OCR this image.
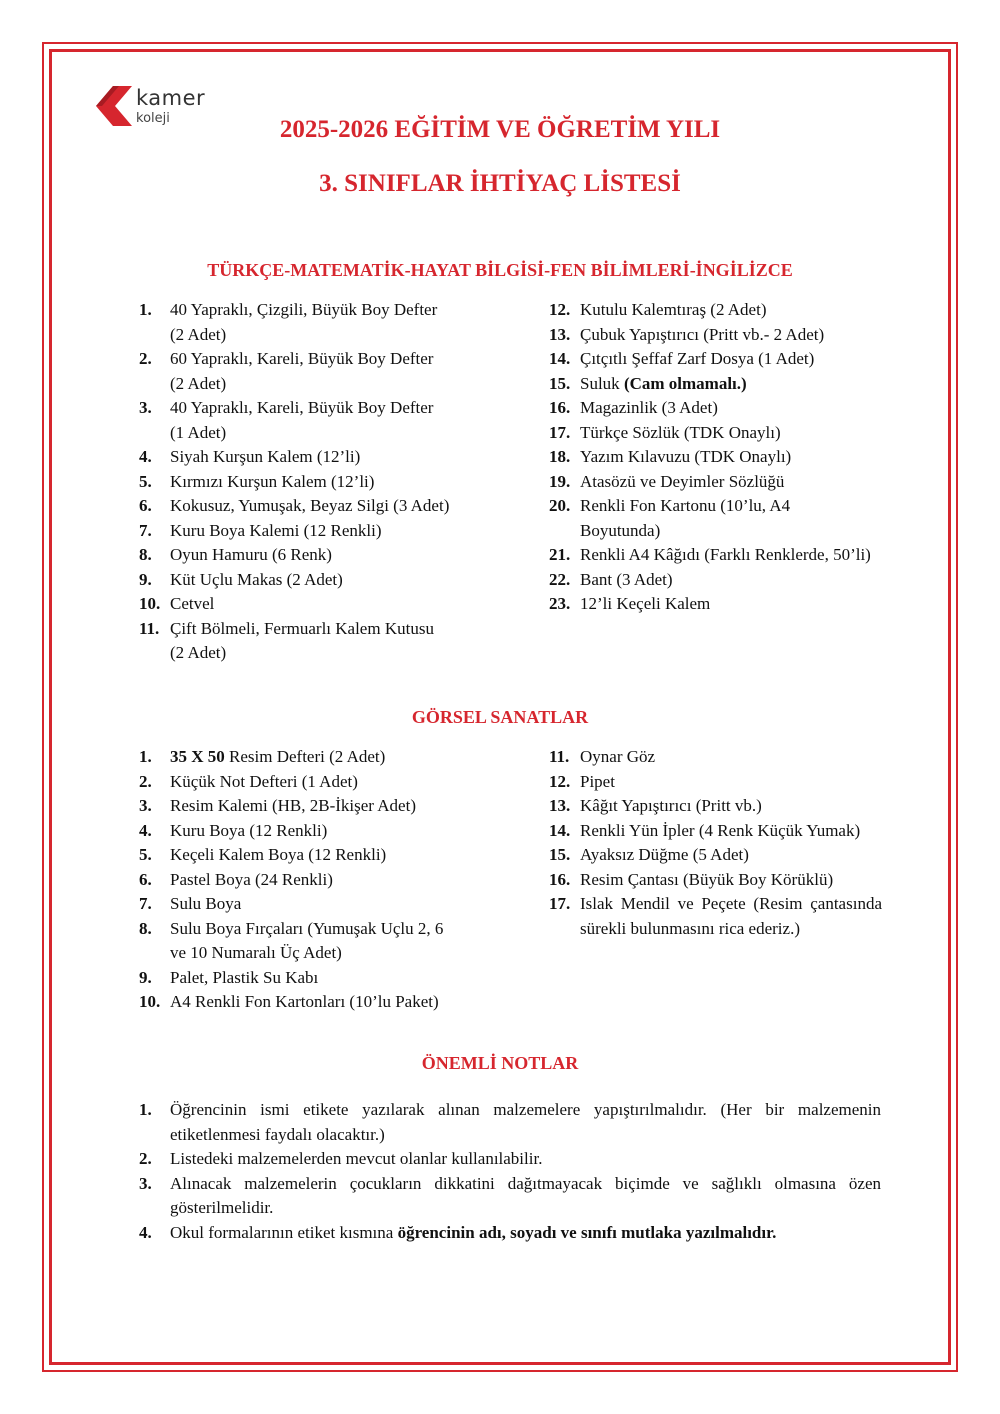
kamer
koleji	2025-2026 EĞİTİM VE ÖĞRETİM YILI
3. SINIFLAR İHTİYAÇ LİSTESİ
TÜRKÇE-MATEMATİK-HAYAT BİLGİSİ-FEN BİLİMLERİ-İNGİLİZCE
1. 40 Yapraklı, Çizgili, Büyük Boy Defter
(2 Adet)
2. 60 Yapraklı, Kareli, Büyük Boy Defter
(2 Adet)
3. 40 Yapraklı, Kareli, Büyük Boy Defter
(1 Adet)
4. Siyah Kurşun Kalem (12’li)
5. Kırmızı Kurşun Kalem (12’li)
6. Kokusuz, Yumuşak, Beyaz Silgi (3 Adet)
7. Kuru Boya Kalemi (12 Renkli)
8. Oyun Hamuru (6 Renk)
9. Küt Uçlu Makas (2 Adet)
10. Cetvel
11. Çift Bölmeli, Fermuarlı Kalem Kutusu
(2 Adet)
12. Kutulu Kalemtıraş (2 Adet)
13. Çubuk Yapıştırıcı (Pritt vb.- 2 Adet)
14. Çıtçıtlı Şeffaf Zarf Dosya (1 Adet)
15. Suluk (Cam olmamalı.)
16. Magazinlik (3 Adet)
17. Türkçe Sözlük (TDK Onaylı)
18. Yazım Kılavuzu (TDK Onaylı)
19. Atasözü ve Deyimler Sözlüğü
20. Renkli Fon Kartonu (10’lu, A4
Boyutunda)
21. Renkli A4 Kâğıdı (Farklı Renklerde, 50’li)
22. Bant (3 Adet)
23. 12’li Keçeli Kalem
GÖRSEL SANATLAR
1. 35 X 50 Resim Defteri (2 Adet)
2. Küçük Not Defteri (1 Adet)
3. Resim Kalemi (HB, 2B-İkişer Adet)
4. Kuru Boya (12 Renkli)
5. Keçeli Kalem Boya (12 Renkli)
6. Pastel Boya (24 Renkli)
7. Sulu Boya
8. Sulu Boya Fırçaları (Yumuşak Uçlu 2, 6
ve 10 Numaralı Üç Adet)
9. Palet, Plastik Su Kabı
10. A4 Renkli Fon Kartonları (10’lu Paket)
11. Oynar Göz
12. Pipet
13. Kâğıt Yapıştırıcı (Pritt vb.)
14. Renkli Yün İpler (4 Renk Küçük Yumak)
15. Ayaksız Düğme (5 Adet)
16. Resim Çantası (Büyük Boy Körüklü)
17. Islak Mendil ve Peçete (Resim çantasında sürekli bulunmasını rica ederiz.)
ÖNEMLİ NOTLAR
1. Öğrencinin ismi etikete yazılarak alınan malzemelere yapıştırılmalıdır. (Her bir malzemenin etiketlenmesi faydalı olacaktır.)
2. Listedeki malzemelerden mevcut olanlar kullanılabilir.
3. Alınacak malzemelerin çocukların dikkatini dağıtmayacak biçimde ve sağlıklı olmasına özen gösterilmelidir.
4. Okul formalarının etiket kısmına öğrencinin adı, soyadı ve sınıfı mutlaka yazılmalıdır.
